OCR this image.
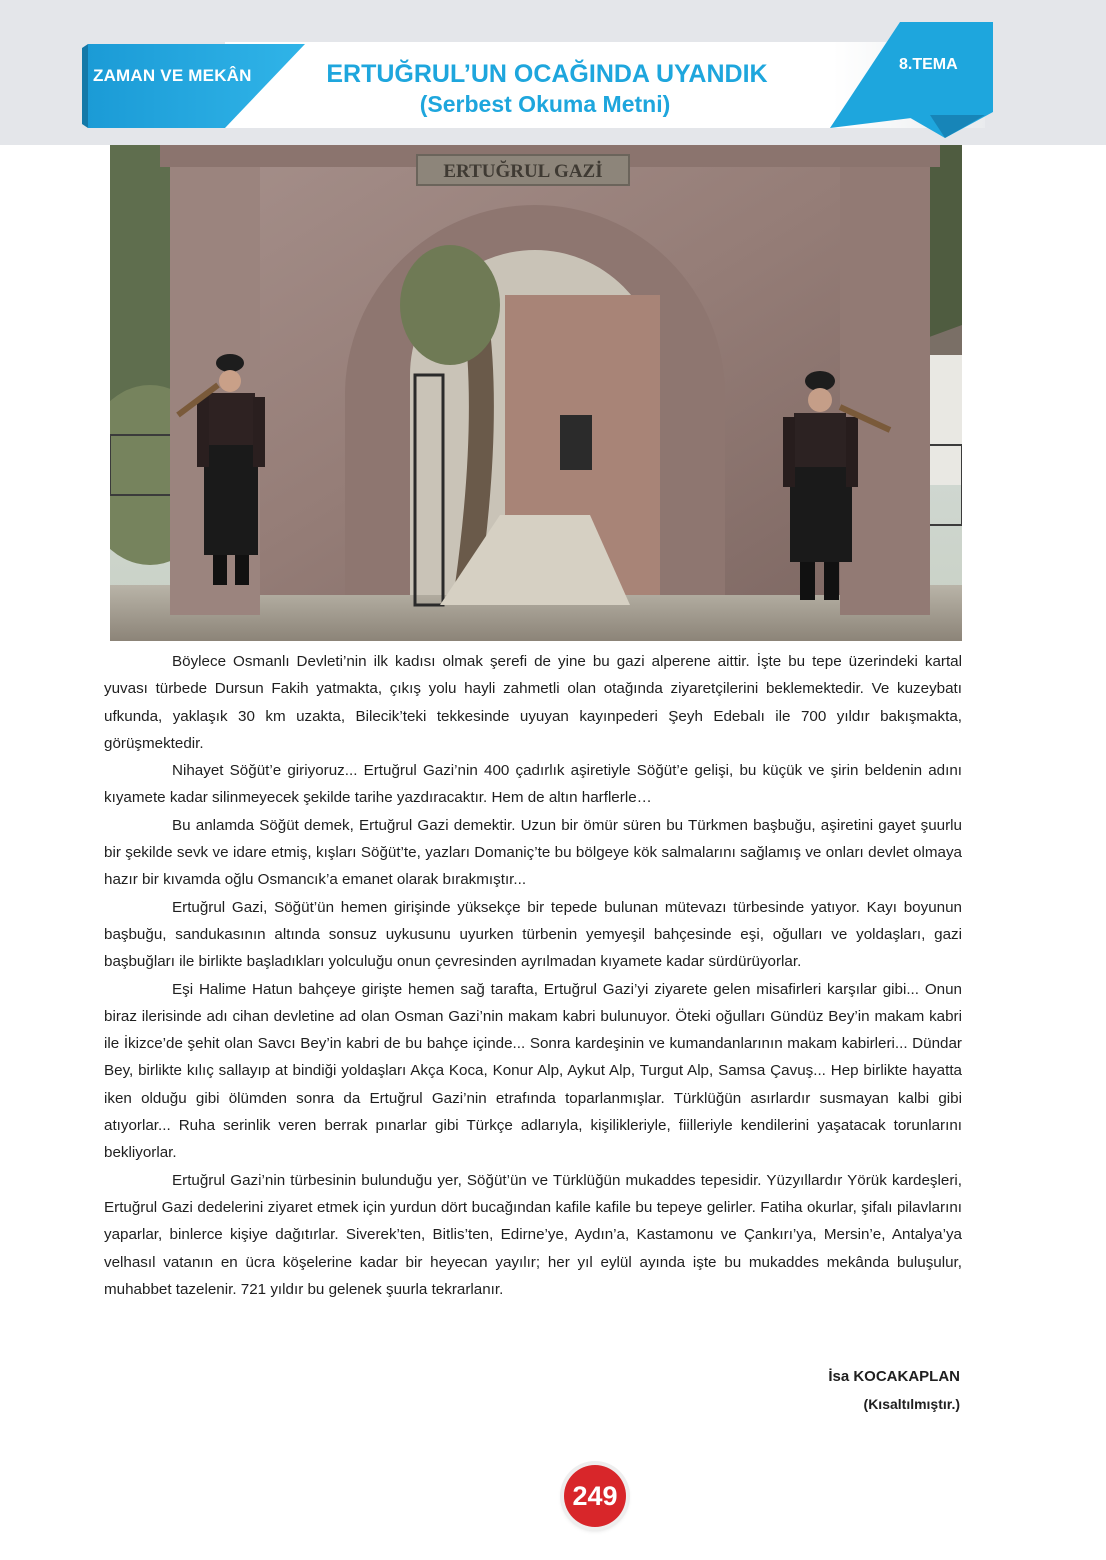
ZAMAN VE MEKÂN	ERTUĞRUL’UN OCAĞINDA UYANDIK
(Serbest Okuma Metni)
8.TEMA
ERTUĞRUL GAZİ

Böylece Osmanlı Devleti’nin ilk kadısı olmak şerefi de yine bu gazi alperene aittir. İşte bu tepe üzerindeki kartal yuvası türbede Dursun Fakih yatmakta, çıkış yolu hayli zahmetli olan otağında ziyaretçilerini beklemektedir. Ve kuzeybatı ufkunda, yaklaşık 30 km uzakta, Bilecik’teki tekkesinde uyuyan kayınpederi Şeyh Edebalı ile 700 yıldır bakışmakta, görüşmektedir.

Nihayet Söğüt’e giriyoruz... Ertuğrul Gazi’nin 400 çadırlık aşiretiyle Söğüt’e gelişi, bu küçük ve şirin beldenin adını kıyamete kadar silinmeyecek şekilde tarihe yazdıracaktır. Hem de altın harflerle…

Bu anlamda Söğüt demek, Ertuğrul Gazi demektir. Uzun bir ömür süren bu Türkmen başbuğu, aşiretini gayet şuurlu bir şekilde sevk ve idare etmiş, kışları Söğüt’te, yazları Domaniç’te bu bölgeye kök salmalarını sağlamış ve onları devlet olmaya hazır bir kıvamda oğlu Osmancık’a emanet olarak bırakmıştır...

Ertuğrul Gazi, Söğüt’ün hemen girişinde yüksekçe bir tepede bulunan mütevazı türbesinde yatıyor. Kayı boyunun başbuğu, sandukasının altında sonsuz uykusunu uyurken türbenin yemyeşil bahçesinde eşi, oğulları ve yoldaşları, gazi başbuğları ile birlikte başladıkları yolculuğu onun çevresinden ayrılmadan kıyamete kadar sürdürüyorlar.

Eşi Halime Hatun bahçeye girişte hemen sağ tarafta, Ertuğrul Gazi’yi ziyarete gelen misafirleri karşılar gibi... Onun biraz ilerisinde adı cihan devletine ad olan Osman Gazi’nin makam kabri bulunuyor. Öteki oğulları Gündüz Bey’in makam kabri ile İkizce’de şehit olan Savcı Bey’in kabri de bu bahçe içinde... Sonra kardeşinin ve kumandanlarının makam kabirleri... Dündar Bey, birlikte kılıç sallayıp at bindiği yoldaşları Akça Koca, Konur Alp, Aykut Alp, Turgut Alp, Samsa Çavuş... Hep birlikte hayatta iken olduğu gibi ölümden sonra da Ertuğrul Gazi’nin etrafında toparlanmışlar. Türklüğün asırlardır susmayan kalbi gibi atıyorlar... Ruha serinlik veren berrak pınarlar gibi Türkçe adlarıyla, kişilikleriyle, fiilleriyle kendilerini yaşatacak torunlarını bekliyorlar.

Ertuğrul Gazi’nin türbesinin bulunduğu yer, Söğüt’ün ve Türklüğün mukaddes tepesidir. Yüzyıllardır Yörük kardeşleri, Ertuğrul Gazi dedelerini ziyaret etmek için yurdun dört bucağından kafile kafile bu tepeye gelirler. Fatiha okurlar, şifalı pilavlarını yaparlar, binlerce kişiye dağıtırlar. Siverek’ten, Bitlis’ten, Edirne’ye, Aydın’a, Kastamonu ve Çankırı’ya, Mersin’e, Antalya’ya velhasıl vatanın en ücra köşelerine kadar bir heyecan yayılır; her yıl eylül ayında işte bu mukaddes mekânda buluşulur, muhabbet tazelenir. 721 yıldır bu gelenek şuurla tekrarlanır.

İsa KOCAKAPLAN
(Kısaltılmıştır.)
249
